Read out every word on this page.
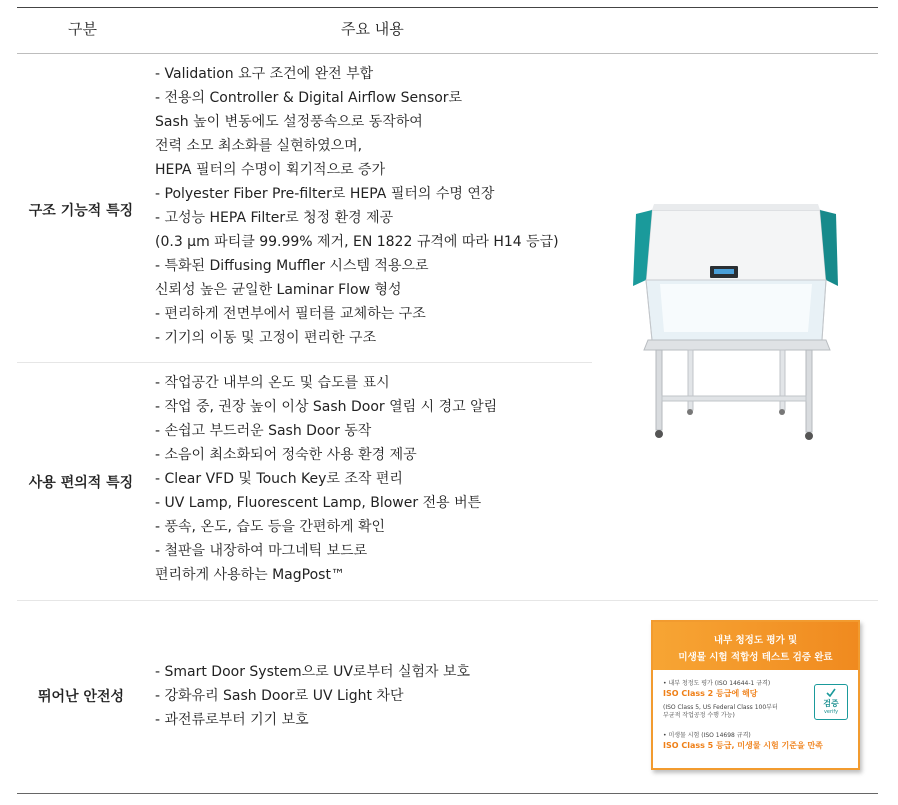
구분	주요 내용
구조 기능적 특징
- Validation 요구 조건에 완전 부합
- 전용의 Controller & Digital Airflow Sensor로
Sash 높이 변동에도 설정풍속으로 동작하여
전력 소모 최소화를 실현하였으며,
HEPA 필터의 수명이 획기적으로 증가
- Polyester Fiber Pre-filter로 HEPA 필터의 수명 연장
- 고성능 HEPA Filter로 청정 환경 제공
(0.3 μm 파티클 99.99% 제거, EN 1822 규격에 따라 H14 등급)
- 특화된 Diffusing Muffler 시스템 적용으로
신뢰성 높은 균일한 Laminar Flow 형성
- 편리하게 전면부에서 필터를 교체하는 구조
- 기기의 이동 및 고정이 편리한 구조
사용 편의적 특징
- 작업공간 내부의 온도 및 습도를 표시
- 작업 중, 권장 높이 이상 Sash Door 열림 시 경고 알림
- 손쉽고 부드러운 Sash Door 동작
- 소음이 최소화되어 정숙한 사용 환경 제공
- Clear VFD 및 Touch Key로 조작 편리
- UV Lamp, Fluorescent Lamp, Blower 전용 버튼
- 풍속, 온도, 습도 등을 간편하게 확인
- 철판을 내장하여 마그네틱 보드로
편리하게 사용하는 MagPost™
뛰어난 안전성
- Smart Door System으로 UV로부터 실험자 보호
- 강화유리 Sash Door로 UV Light 차단
- 과전류로부터 기기 보호
내부 청정도 평가 및
미생물 시험 적합성 테스트 검증 완료
• 내부 청정도 평가 (ISO 14644-1 규격)
ISO Class 2 등급에 해당
(ISO Class 5, US Federal Class 100부터
부균적 작업공정 수행 가능)
• 미생물 시험 (ISO 14698 규격)
ISO Class 5 등급, 미생물 시험 기준을 만족
검증
verify
